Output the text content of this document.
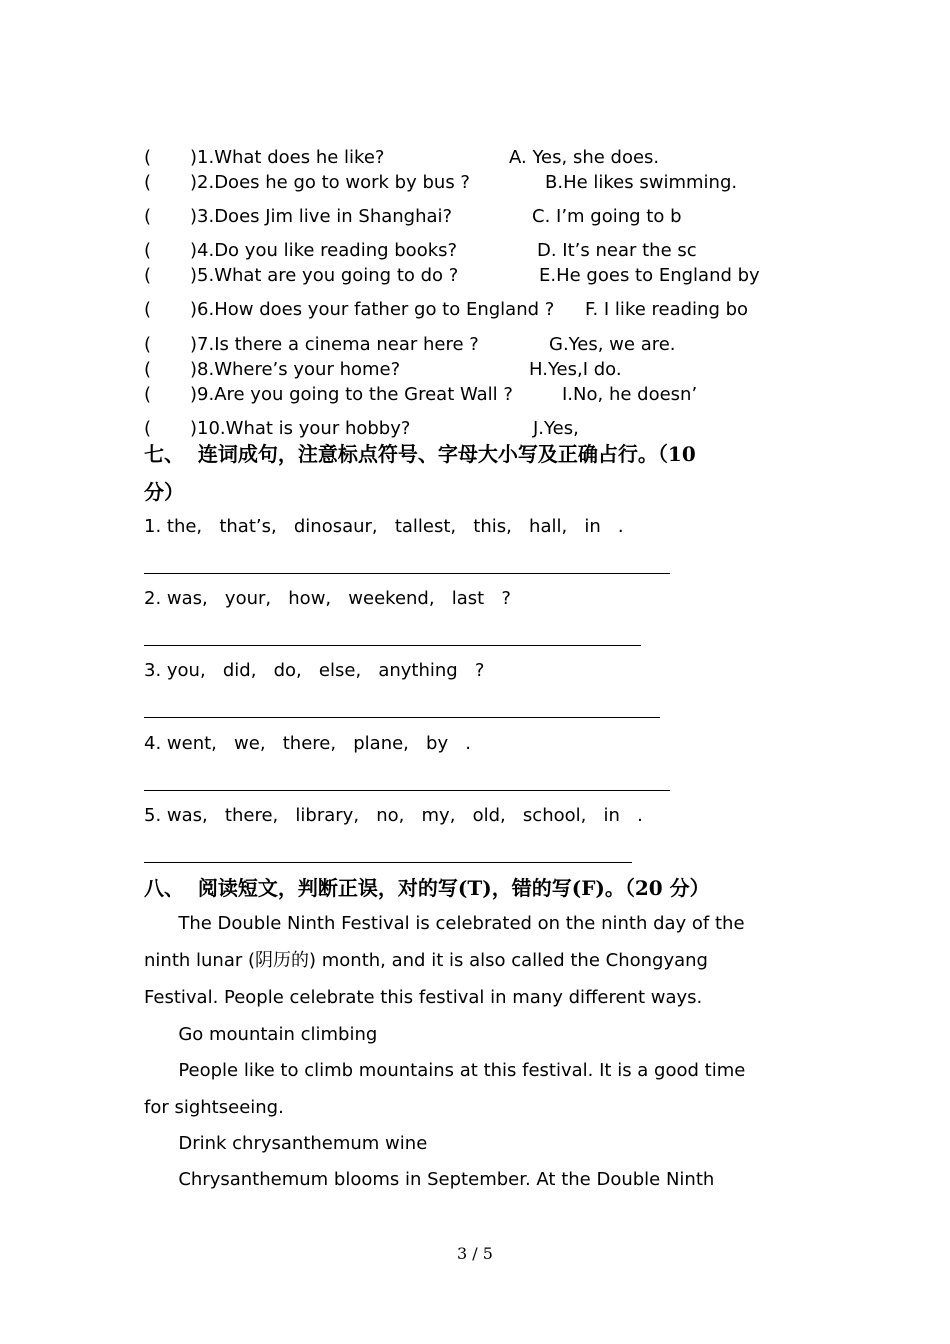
( )1.What does he like?	A. Yes, she does.
( )2.Does he go to work by bus ?	B.He likes swimming.
( )3.Does Jim live in Shanghai?	C. I’m going to b
( )4.Do you like reading books?	D. It’s near the sc
( )5.What are you going to do ?	E.He goes to England by
( )6.How does your father go to England ? F. I like reading bo
( )7.Is there a cinema near here ?	G.Yes, we are.
( )8.Where’s your home?	H.Yes,I do.
( )9.Are you going to the Great Wall ?	I.No, he doesn’
( )10.What is your hobby?	J.Yes,
七、  连词成句，注意标点符号、字母大小写及正确占行。（10
分）
1. the,   that’s,   dinosaur,   tallest,   this,   hall,   in   .
2. was,   your,   how,   weekend,   last   ?
3. you,   did,   do,   else,   anything   ?
4. went,   we,   there,   plane,   by   .
5. was,   there,   library,   no,   my,   old,   school,   in   .
八、  阅读短文，判断正误，对的写(T)，错的写(F)。（20 分）
The Double Ninth Festival is celebrated on the ninth day of the
ninth lunar (阴历的) month, and it is also called the Chongyang
Festival. People celebrate this festival in many different ways.
Go mountain climbing
People like to climb mountains at this festival. It is a good time
for sightseeing.
Drink chrysanthemum wine
Chrysanthemum blooms in September. At the Double Ninth
3 / 5
